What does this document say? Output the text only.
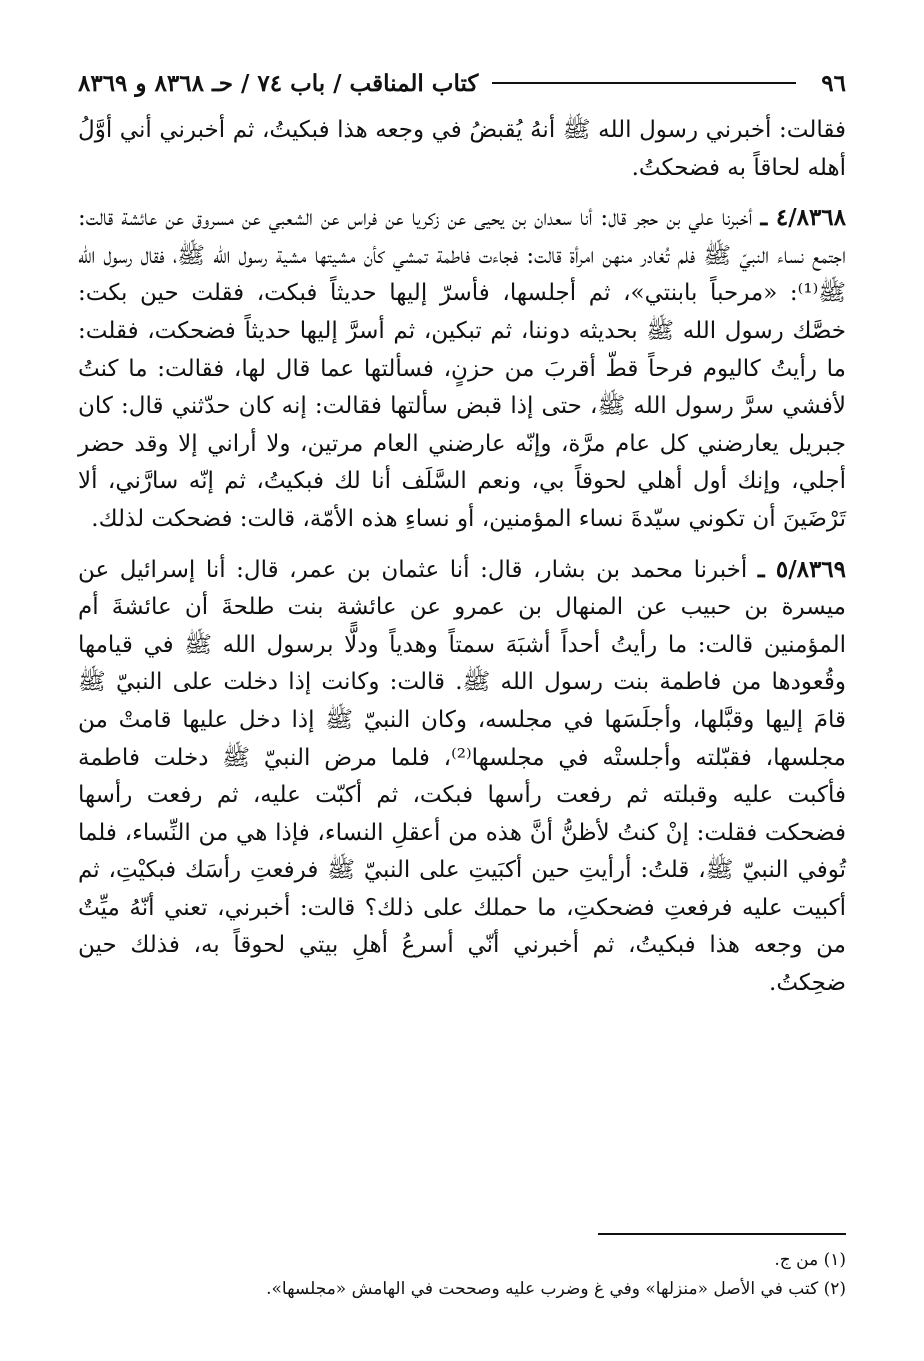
٩٦
كتاب المناقب / باب ٧٤ / حـ ٨٣٦٨ و ٨٣٦٩

فقالت: أخبرني رسول الله ﷺ أنهُ يُقبضُ في وجعه هذا فبكيتُ، ثم أخبرني أني أوَّلُ أهله لحاقاً به فضحكتُ.

٤/٨٣٦٨ ـ أخبرنا علي بن حجر قال: أنا سعدان بن يحيى عن زكريا عن فراس عن الشعبي عن مسروق عن عائشة قالت: اجتمع نساء النبيّ ﷺ فلم تُغادر منهن امرأة قالت: فجاءت فاطمة تمشي كأن مشيتها مشية رسول الله ﷺ، فقال رسول الله ﷺ⁽¹⁾: «مرحباً بابنتي»، ثم أجلسها، فأسرّ إليها حديثاً فبكت، فقلت حين بكت: خصَّك رسول الله ﷺ بحديثه دوننا، ثم تبكين، ثم أسرَّ إليها حديثاً فضحكت، فقلت: ما رأيتُ كاليوم فرحاً قطّ أقربَ من حزنٍ، فسألتها عما قال لها، فقالت: ما كنتُ لأفشي سرَّ رسول الله ﷺ، حتى إذا قبض سألتها فقالت: إنه كان حدّثني قال: كان جبريل يعارضني كل عام مرَّة، وإنّه عارضني العام مرتين، ولا أراني إلا وقد حضر أجلي، وإنك أول أهلي لحوقاً بي، ونعم السَّلَف أنا لك فبكيتُ، ثم إنّه سارَّني، ألا تَرْضَينَ أن تكوني سيّدةَ نساء المؤمنين، أو نساءِ هذه الأمّة، قالت: فضحكت لذلك.

٥/٨٣٦٩ ـ أخبرنا محمد بن بشار، قال: أنا عثمان بن عمر، قال: أنا إسرائيل عن ميسرة بن حبيب عن المنهال بن عمرو عن عائشة بنت طلحةَ أن عائشةَ أم المؤمنين قالت: ما رأيتُ أحداً أشبَهَ سمتاً وهدياً ودلًّا برسول الله ﷺ في قيامها وقُعودها من فاطمة بنت رسول الله ﷺ. قالت: وكانت إذا دخلت على النبيّ ﷺ قامَ إليها وقبَّلها، وأجلَسَها في مجلسه، وكان النبيّ ﷺ إذا دخل عليها قامتْ من مجلسها، فقبّلته وأجلستْه في مجلسها⁽²⁾، فلما مرض النبيّ ﷺ دخلت فاطمة فأكبت عليه وقبلته ثم رفعت رأسها فبكت، ثم أكبّت عليه، ثم رفعت رأسها فضحكت فقلت: إنْ كنتُ لأظنُّ أنَّ هذه من أعقلِ النساء، فإذا هي من النِّساء، فلما تُوفي النبيّ ﷺ، قلتُ: أرأيتِ حين أكبَيتِ على النبيّ ﷺ فرفعتِ رأسَك فبكيْتِ، ثم أكبيت عليه فرفعتِ فضحكتِ، ما حملك على ذلك؟ قالت: أخبرني، تعني أنّهُ ميِّتٌ من وجعه هذا فبكيتُ، ثم أخبرني أنّي أسرعُ أهلِ بيتي لحوقاً به، فذلك حين ضحِكتُ.

(١) من ج.

(٢) كتب في الأصل «منزلها» وفي غ وضرب عليه وصححت في الهامش «مجلسها».
